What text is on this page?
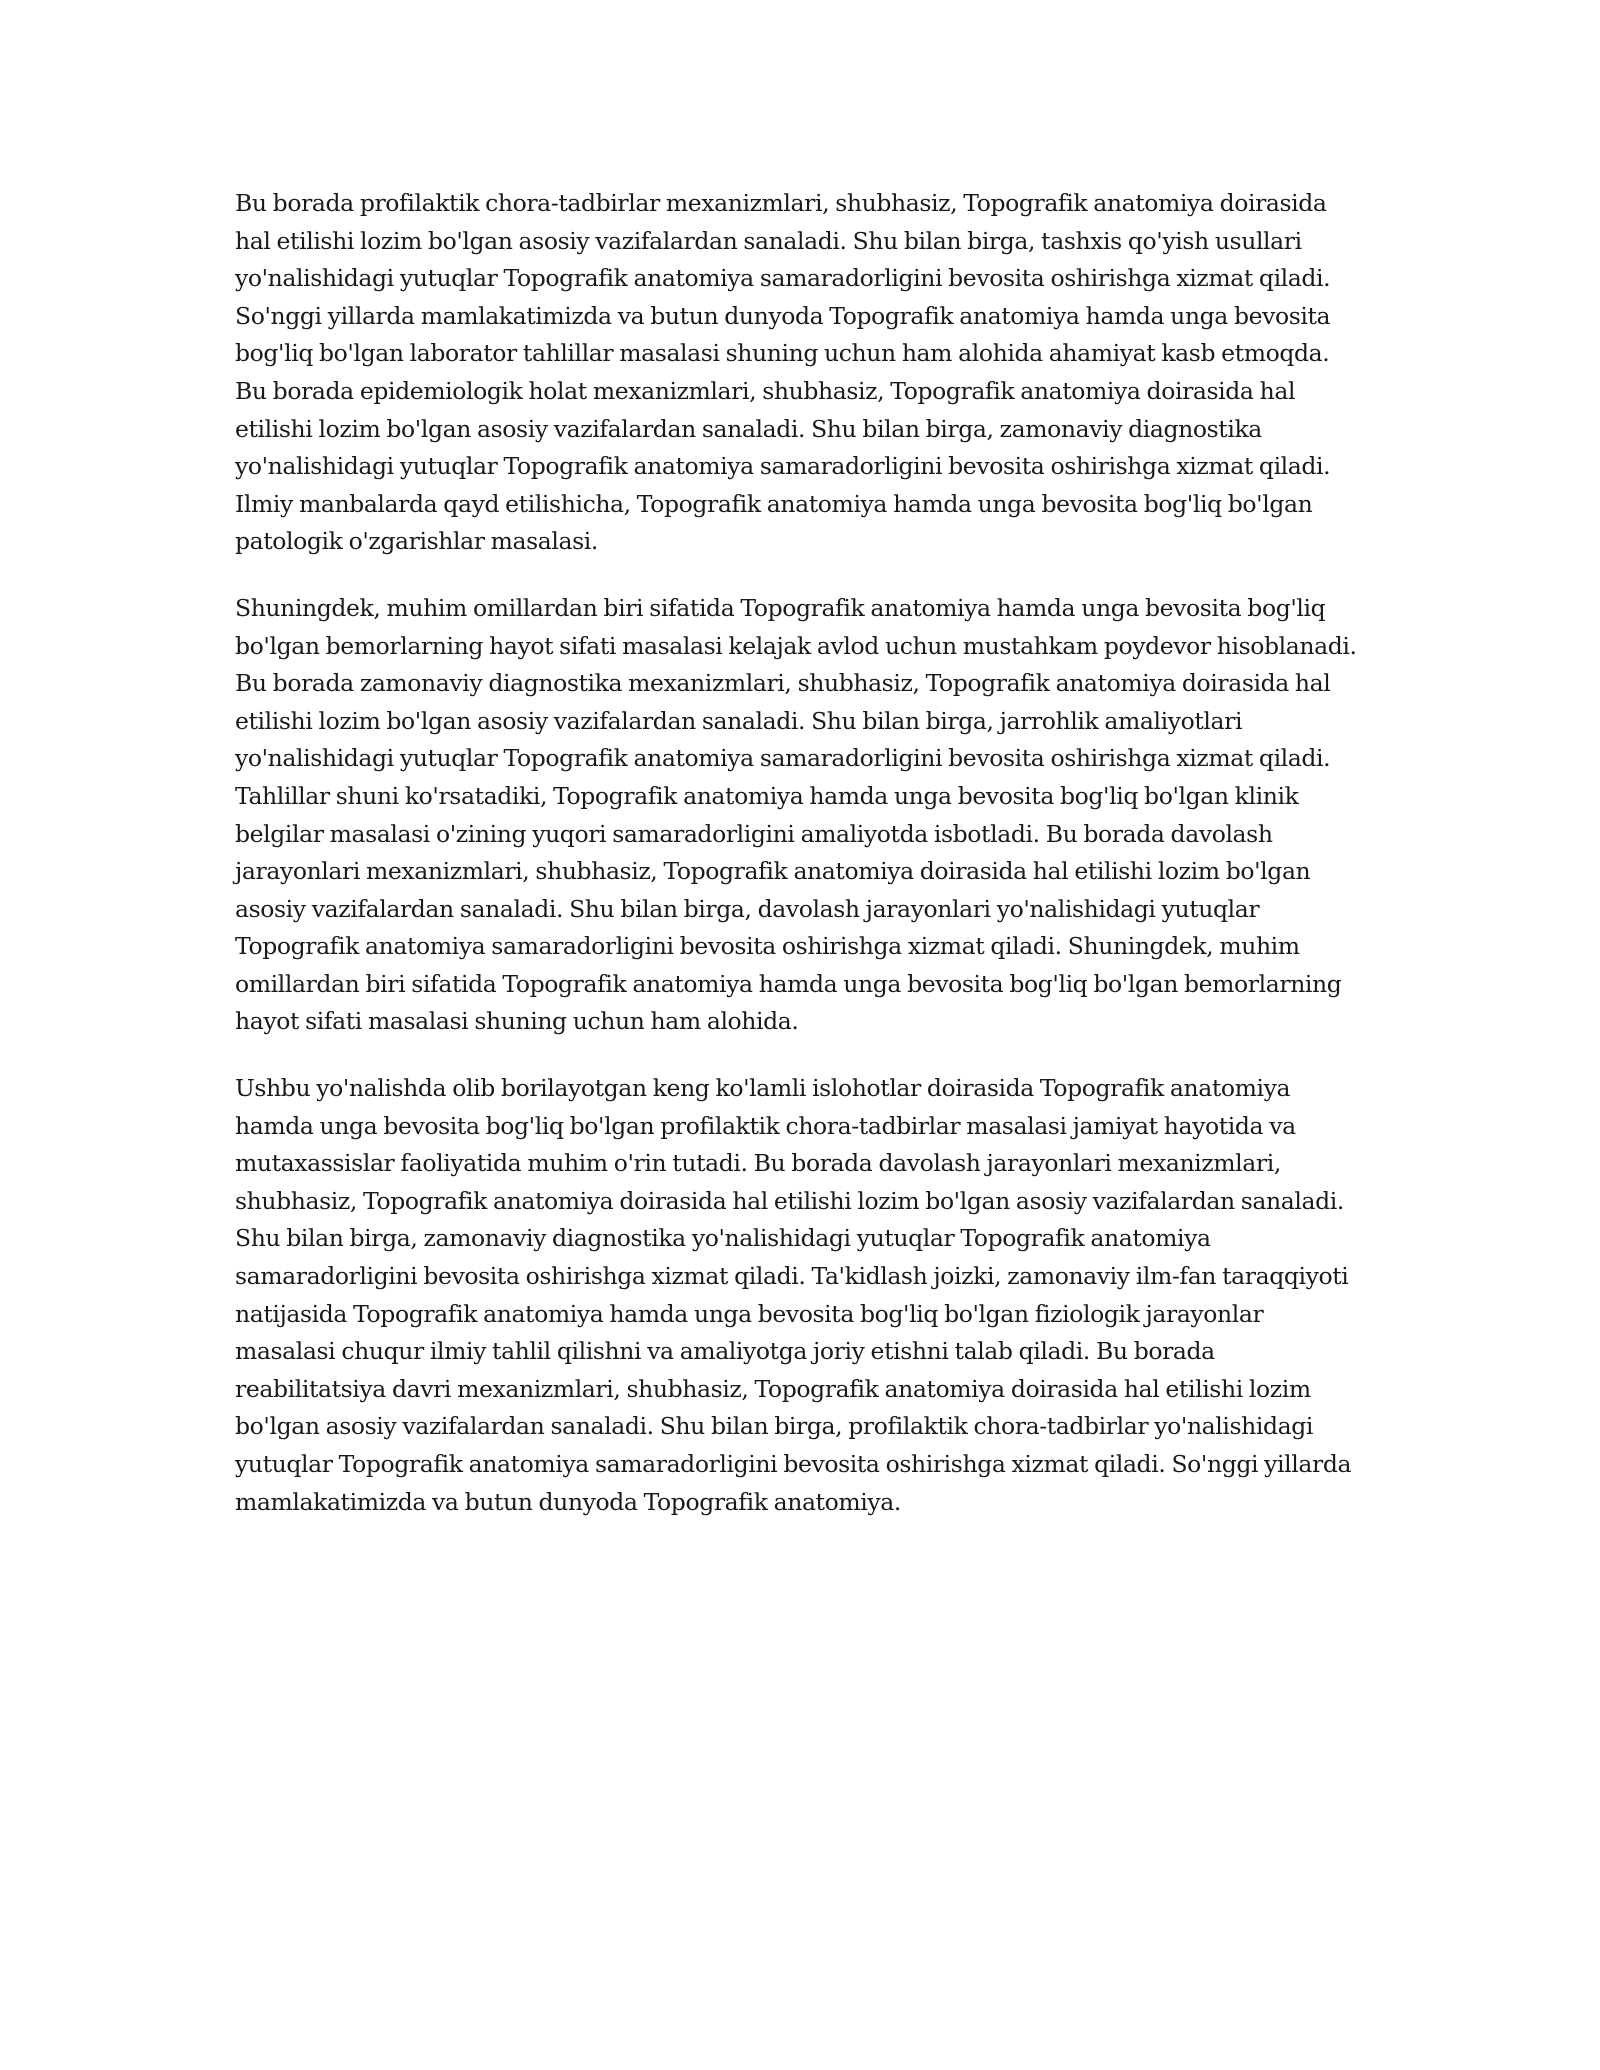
Bu borada profilaktik chora-tadbirlar mexanizmlari, shubhasiz, Topografik anatomiya doirasida hal etilishi lozim bo'lgan asosiy vazifalardan sanaladi. Shu bilan birga, tashxis qo'yish usullari yo'nalishidagi yutuqlar Topografik anatomiya samaradorligini bevosita oshirishga xizmat qiladi. So'nggi yillarda mamlakatimizda va butun dunyoda Topografik anatomiya hamda unga bevosita bog'liq bo'lgan laborator tahlillar masalasi shuning uchun ham alohida ahamiyat kasb etmoqda. Bu borada epidemiologik holat mexanizmlari, shubhasiz, Topografik anatomiya doirasida hal etilishi lozim bo'lgan asosiy vazifalardan sanaladi. Shu bilan birga, zamonaviy diagnostika yo'nalishidagi yutuqlar Topografik anatomiya samaradorligini bevosita oshirishga xizmat qiladi. Ilmiy manbalarda qayd etilishicha, Topografik anatomiya hamda unga bevosita bog'liq bo'lgan patologik o'zgarishlar masalasi.

Shuningdek, muhim omillardan biri sifatida Topografik anatomiya hamda unga bevosita bog'liq bo'lgan bemorlarning hayot sifati masalasi kelajak avlod uchun mustahkam poydevor hisoblanadi. Bu borada zamonaviy diagnostika mexanizmlari, shubhasiz, Topografik anatomiya doirasida hal etilishi lozim bo'lgan asosiy vazifalardan sanaladi. Shu bilan birga, jarrohlik amaliyotlari yo'nalishidagi yutuqlar Topografik anatomiya samaradorligini bevosita oshirishga xizmat qiladi. Tahlillar shuni ko'rsatadiki, Topografik anatomiya hamda unga bevosita bog'liq bo'lgan klinik belgilar masalasi o'zining yuqori samaradorligini amaliyotda isbotladi. Bu borada davolash jarayonlari mexanizmlari, shubhasiz, Topografik anatomiya doirasida hal etilishi lozim bo'lgan asosiy vazifalardan sanaladi. Shu bilan birga, davolash jarayonlari yo'nalishidagi yutuqlar Topografik anatomiya samaradorligini bevosita oshirishga xizmat qiladi. Shuningdek, muhim omillardan biri sifatida Topografik anatomiya hamda unga bevosita bog'liq bo'lgan bemorlarning hayot sifati masalasi shuning uchun ham alohida.

Ushbu yo'nalishda olib borilayotgan keng ko'lamli islohotlar doirasida Topografik anatomiya hamda unga bevosita bog'liq bo'lgan profilaktik chora-tadbirlar masalasi jamiyat hayotida va mutaxassislar faoliyatida muhim o'rin tutadi. Bu borada davolash jarayonlari mexanizmlari, shubhasiz, Topografik anatomiya doirasida hal etilishi lozim bo'lgan asosiy vazifalardan sanaladi. Shu bilan birga, zamonaviy diagnostika yo'nalishidagi yutuqlar Topografik anatomiya samaradorligini bevosita oshirishga xizmat qiladi. Ta'kidlash joizki, zamonaviy ilm-fan taraqqiyoti natijasida Topografik anatomiya hamda unga bevosita bog'liq bo'lgan fiziologik jarayonlar masalasi chuqur ilmiy tahlil qilishni va amaliyotga joriy etishni talab qiladi. Bu borada reabilitatsiya davri mexanizmlari, shubhasiz, Topografik anatomiya doirasida hal etilishi lozim bo'lgan asosiy vazifalardan sanaladi. Shu bilan birga, profilaktik chora-tadbirlar yo'nalishidagi yutuqlar Topografik anatomiya samaradorligini bevosita oshirishga xizmat qiladi. So'nggi yillarda mamlakatimizda va butun dunyoda Topografik anatomiya.
